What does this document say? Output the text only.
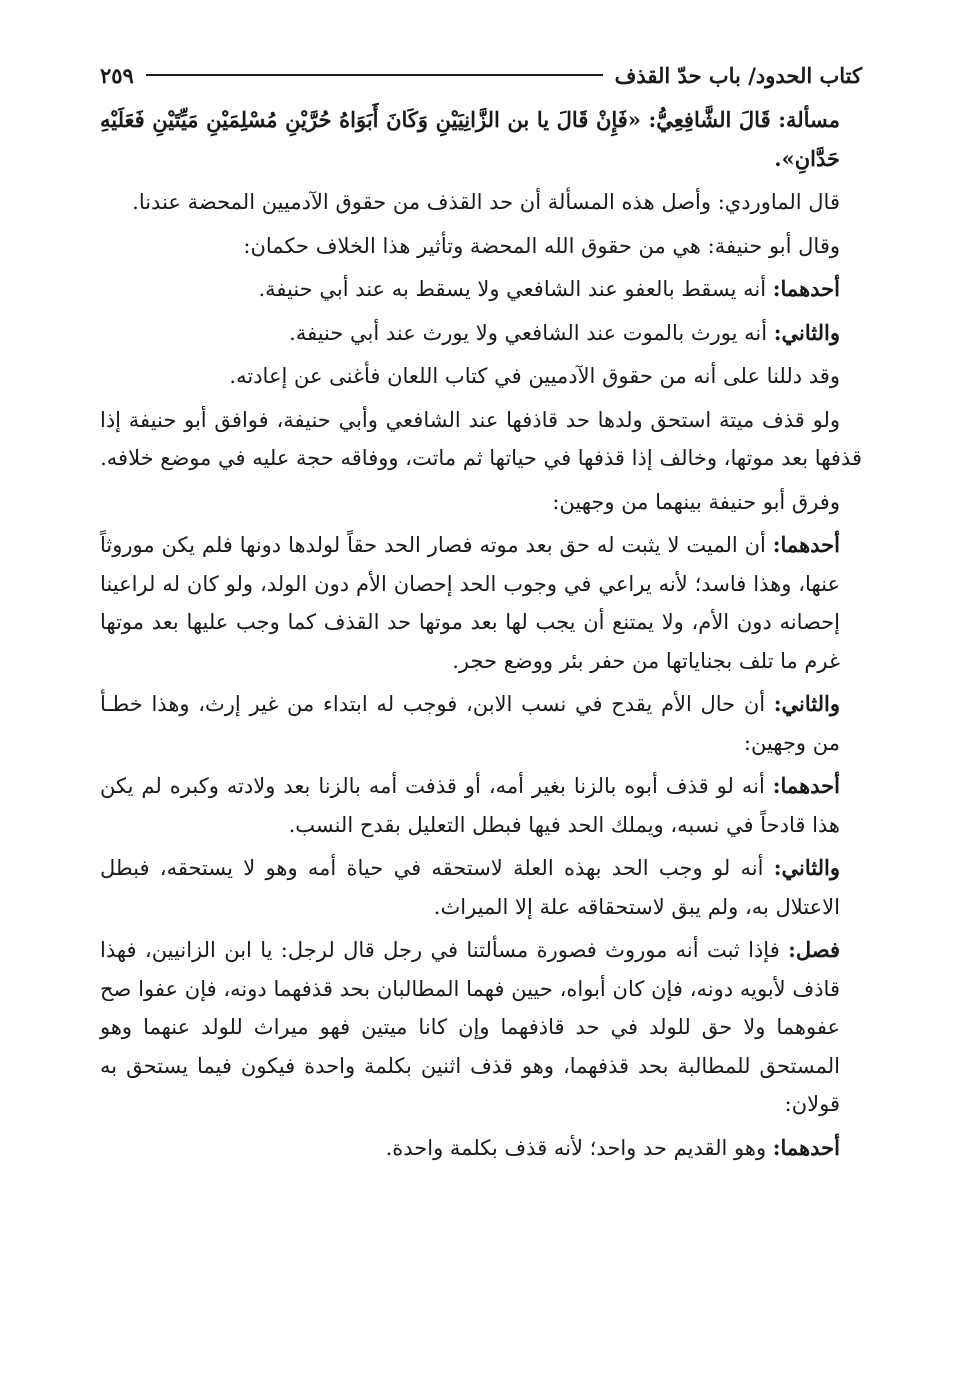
كتاب الحدود/ باب حدّ القذف
٢٥٩

مسألة: قَالَ الشَّافِعِيُّ: «فَإِنْ قَالَ يا بن الزَّانِيَيْنِ وَكَانَ أَبَوَاهُ حُرَّيْنِ مُسْلِمَيْنِ مَيِّتَيْنِ فَعَلَيْهِ حَدَّانِ».

قال الماوردي: وأصل هذه المسألة أن حد القذف من حقوق الآدميين المحضة عندنا.

وقال أبو حنيفة: هي من حقوق الله المحضة وتأثير هذا الخلاف حكمان:

أحدهما: أنه يسقط بالعفو عند الشافعي ولا يسقط به عند أبي حنيفة.

والثاني: أنه يورث بالموت عند الشافعي ولا يورث عند أبي حنيفة.

وقد دللنا على أنه من حقوق الآدميين في كتاب اللعان فأغنى عن إعادته.

ولو قذف ميتة استحق ولدها حد قاذفها عند الشافعي وأبي حنيفة، فوافق أبو حنيفة إذا قذفها بعد موتها، وخالف إذا قذفها في حياتها ثم ماتت، ووفاقه حجة عليه في موضع خلافه.

وفرق أبو حنيفة بينهما من وجهين:

أحدهما: أن الميت لا يثبت له حق بعد موته فصار الحد حقاً لولدها دونها فلم يكن موروثاً عنها، وهذا فاسد؛ لأنه يراعي في وجوب الحد إحصان الأم دون الولد، ولو كان له لراعينا إحصانه دون الأم، ولا يمتنع أن يجب لها بعد موتها حد القذف كما وجب عليها بعد موتها غرم ما تلف بجناياتها من حفر بئر ووضع حجر.

والثاني: أن حال الأم يقدح في نسب الابن، فوجب له ابتداء من غير إرث، وهذا خطـأ من وجهين:

أحدهما: أنه لو قذف أبوه بالزنا بغير أمه، أو قذفت أمه بالزنا بعد ولادته وكبره لم يكن هذا قادحاً في نسبه، ويملك الحد فيها فبطل التعليل بقدح النسب.

والثاني: أنه لو وجب الحد بهذه العلة لاستحقه في حياة أمه وهو لا يستحقه، فبطل الاعتلال به، ولم يبق لاستحقاقه علة إلا الميراث.

فصل: فإذا ثبت أنه موروث فصورة مسألتنا في رجل قال لرجل: يا ابن الزانيين، فهذا قاذف لأبويه دونه، فإن كان أبواه، حيين فهما المطالبان بحد قذفهما دونه، فإن عفوا صح عفوهما ولا حق للولد في حد قاذفهما وإن كانا ميتين فهو ميراث للولد عنهما وهو المستحق للمطالبة بحد قذفهما، وهو قذف اثنين بكلمة واحدة فيكون فيما يستحق به قولان:

أحدهما: وهو القديم حد واحد؛ لأنه قذف بكلمة واحدة.
